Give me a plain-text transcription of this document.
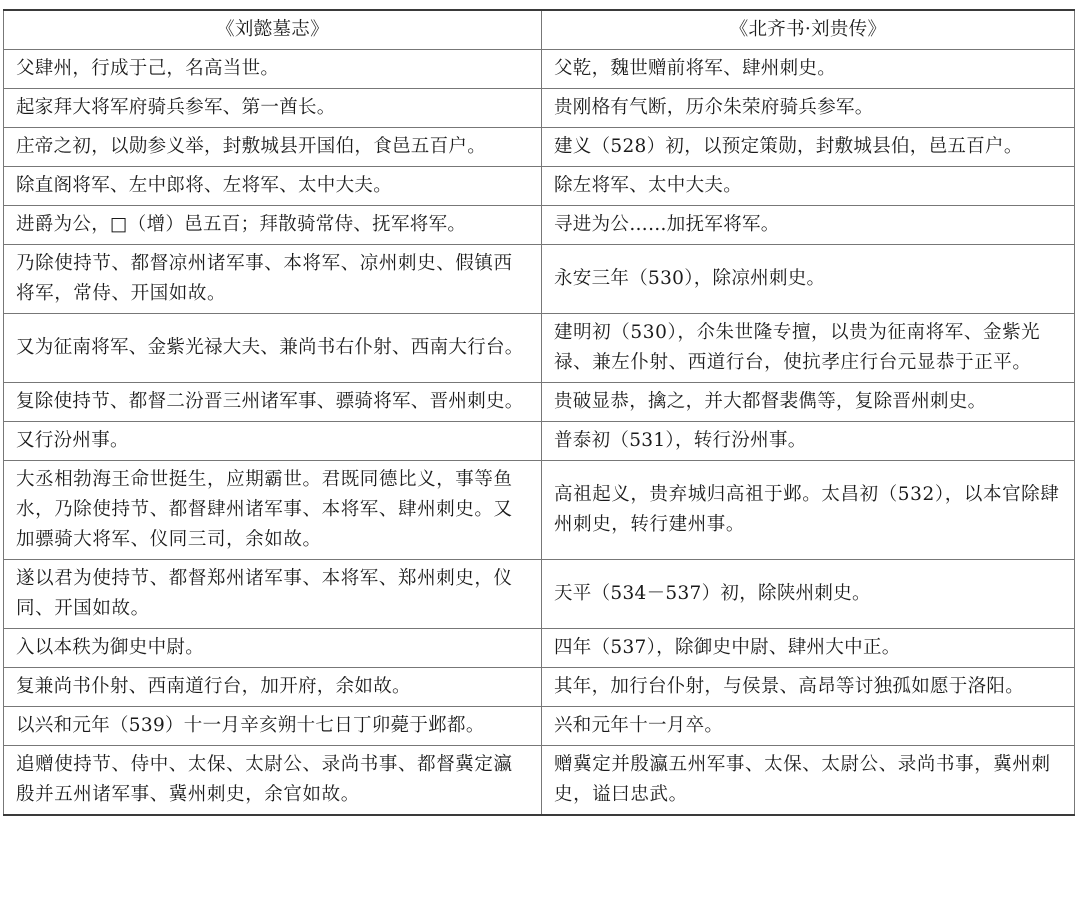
《刘懿墓志》	《北齐书·刘贵传》
父肆州，行成于己，名高当世。	父乾，魏世赠前将军、肆州刺史。
起家拜大将军府骑兵参军、第一酋长。	贵刚格有气断，历尒朱荣府骑兵参军。
庄帝之初，以勋参义举，封敷城县开国伯，食邑五百户。	建义（528）初，以预定策勋，封敷城县伯，邑五百户。
除直阁将军、左中郎将、左将军、太中大夫。	除左将军、太中大夫。
进爵为公，□（增）邑五百；拜散骑常侍、抚军将军。	寻进为公……加抚军将军。
乃除使持节、都督凉州诸军事、本将军、凉州刺史、假镇西将军，常侍、开国如故。	永安三年（530），除凉州刺史。
又为征南将军、金紫光禄大夫、兼尚书右仆射、西南大行台。	建明初（530），尒朱世隆专擅，以贵为征南将军、金紫光禄、兼左仆射、西道行台，使抗孝庄行台元显恭于正平。
复除使持节、都督二汾晋三州诸军事、骠骑将军、晋州刺史。	贵破显恭，擒之，并大都督裴儁等，复除晋州刺史。
又行汾州事。	普泰初（531），转行汾州事。
大丞相勃海王命世挺生，应期霸世。君既同德比义，事等鱼水，乃除使持节、都督肆州诸军事、本将军、肆州刺史。又加骠骑大将军、仪同三司，余如故。	高祖起义，贵弃城归高祖于邺。太昌初（532），以本官除肆州刺史，转行建州事。
遂以君为使持节、都督郑州诸军事、本将军、郑州刺史，仪同、开国如故。	天平（534－537）初，除陕州刺史。
入以本秩为御史中尉。	四年（537），除御史中尉、肆州大中正。
复兼尚书仆射、西南道行台，加开府，余如故。	其年，加行台仆射，与侯景、高昂等讨独孤如愿于洛阳。
以兴和元年（539）十一月辛亥朔十七日丁卯薨于邺都。	兴和元年十一月卒。
追赠使持节、侍中、太保、太尉公、录尚书事、都督冀定瀛殷并五州诸军事、冀州刺史，余官如故。	赠冀定并殷瀛五州军事、太保、太尉公、录尚书事，冀州刺史，谥曰忠武。
